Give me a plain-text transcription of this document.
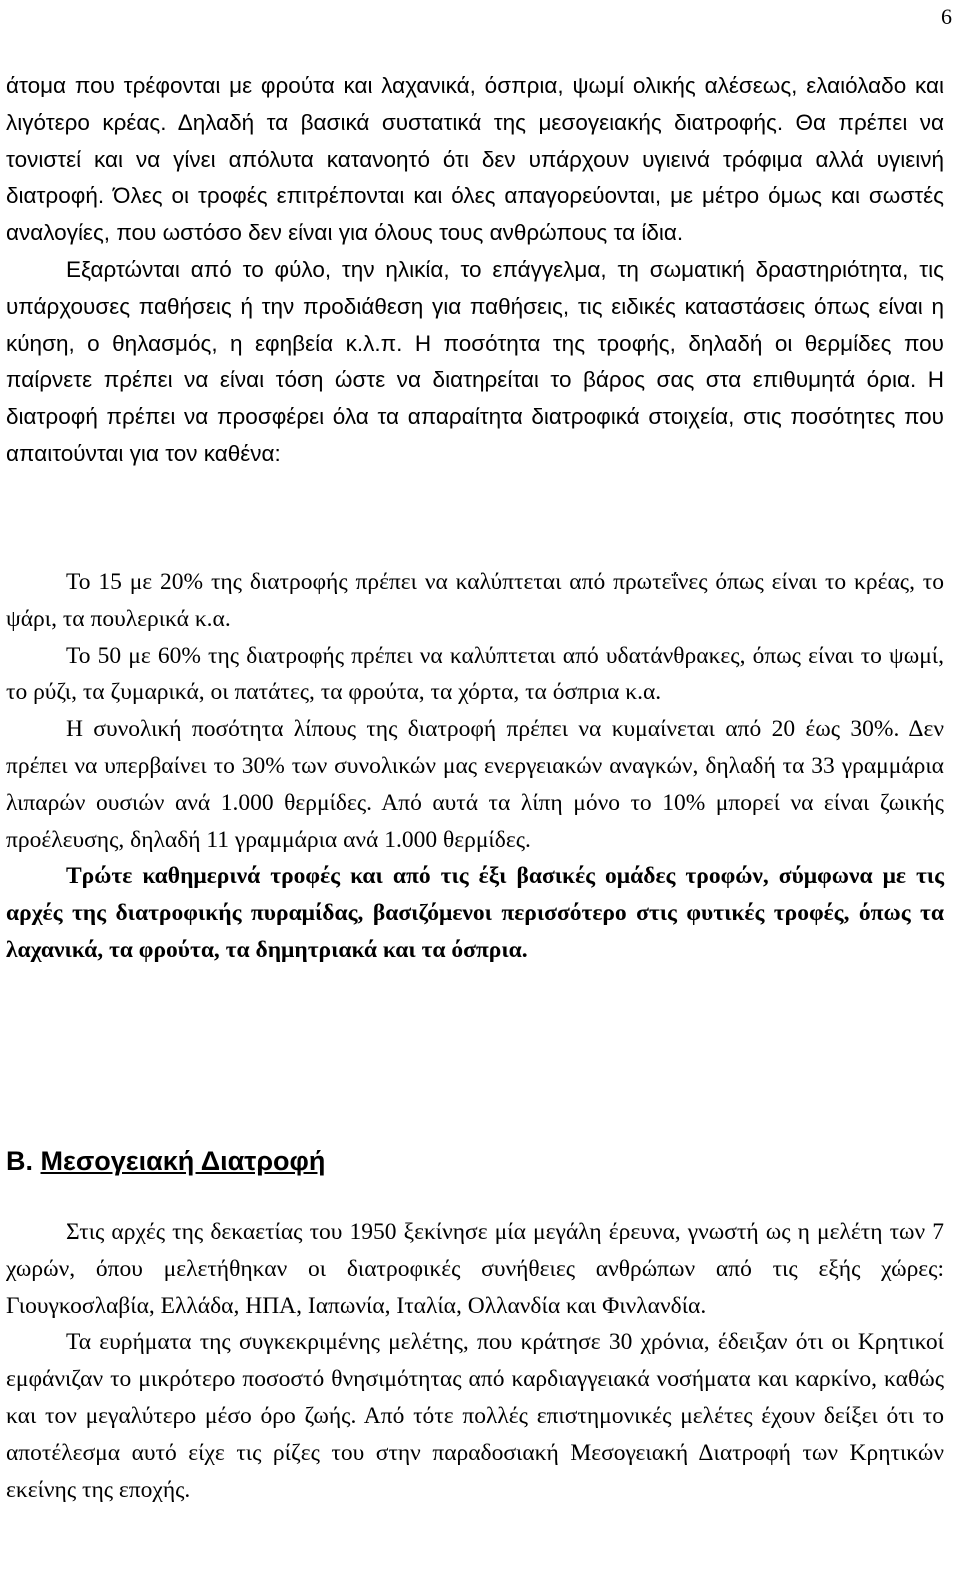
6

άτομα που τρέφονται με φρούτα και λαχανικά, όσπρια, ψωμί ολικής αλέσεως, ελαιόλαδο και λιγότερο κρέας. Δηλαδή τα βασικά συστατικά της μεσογειακής διατροφής. Θα πρέπει να τονιστεί και να γίνει απόλυτα κατανοητό ότι δεν υπάρχουν υγιεινά τρόφιμα αλλά υγιεινή διατροφή. Όλες οι τροφές επιτρέπονται και όλες απαγορεύονται, με μέτρο όμως και σωστές αναλογίες, που ωστόσο δεν είναι για όλους τους ανθρώπους τα ίδια.

Εξαρτώνται από το φύλο, την ηλικία, το επάγγελμα, τη σωματική δραστηριότητα, τις υπάρχουσες παθήσεις ή την προδιάθεση για παθήσεις, τις ειδικές καταστάσεις όπως είναι η κύηση, ο θηλασμός, η εφηβεία κ.λ.π. Η ποσότητα της τροφής, δηλαδή οι θερμίδες που παίρνετε πρέπει να είναι τόση ώστε να διατηρείται το βάρος σας στα επιθυμητά όρια. Η διατροφή πρέπει να προσφέρει όλα τα απαραίτητα διατροφικά στοιχεία, στις ποσότητες που απαιτούνται για τον καθένα:

Το 15 με 20% της διατροφής πρέπει να καλύπτεται από πρωτεΐνες όπως είναι το κρέας, το ψάρι, τα πουλερικά κ.α.

Το 50 με 60% της διατροφής πρέπει να καλύπτεται από υδατάνθρακες, όπως είναι το ψωμί, το ρύζι, τα ζυμαρικά, οι πατάτες, τα φρούτα, τα χόρτα, τα όσπρια κ.α.

Η συνολική ποσότητα λίπους της διατροφή πρέπει να κυμαίνεται από 20 έως 30%. Δεν πρέπει να υπερβαίνει το 30% των συνολικών μας ενεργειακών αναγκών, δηλαδή τα 33 γραμμάρια λιπαρών ουσιών ανά 1.000 θερμίδες. Από αυτά τα λίπη μόνο το 10% μπορεί να είναι ζωικής προέλευσης, δηλαδή 11 γραμμάρια ανά 1.000 θερμίδες.

Τρώτε καθημερινά τροφές και από τις έξι βασικές ομάδες τροφών, σύμφωνα με τις αρχές της διατροφικής πυραμίδας, βασιζόμενοι περισσότερο στις φυτικές τροφές, όπως τα λαχανικά, τα φρούτα, τα δημητριακά και τα όσπρια.

Β. Μεσογειακή Διατροφή

Στις αρχές της δεκαετίας του 1950 ξεκίνησε μία μεγάλη έρευνα, γνωστή ως η μελέτη των 7 χωρών, όπου μελετήθηκαν οι διατροφικές συνήθειες ανθρώπων από τις εξής χώρες: Γιουγκοσλαβία, Ελλάδα, ΗΠΑ, Ιαπωνία, Ιταλία, Ολλανδία και Φινλανδία.

Τα ευρήματα της συγκεκριμένης μελέτης, που κράτησε 30 χρόνια, έδειξαν ότι οι Κρητικοί εμφάνιζαν το μικρότερο ποσοστό θνησιμότητας από καρδιαγγειακά νοσήματα και καρκίνο, καθώς και τον μεγαλύτερο μέσο όρο ζωής. Από τότε πολλές επιστημονικές μελέτες έχουν δείξει ότι το αποτέλεσμα αυτό είχε τις ρίζες του στην παραδοσιακή Μεσογειακή Διατροφή των Κρητικών εκείνης της εποχής.
